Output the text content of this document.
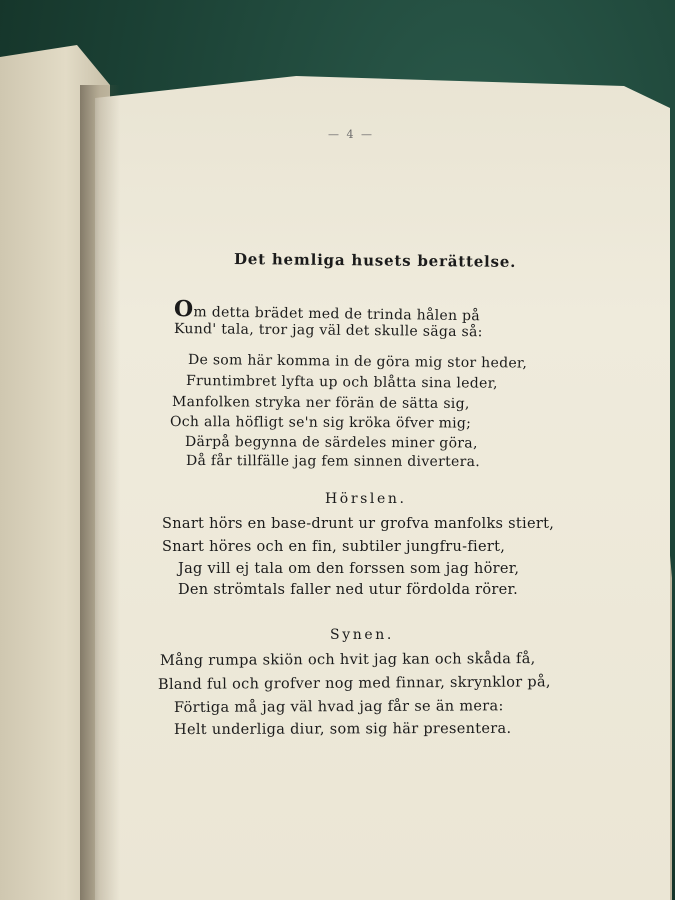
— 4 —
Det hemliga husets berättelse.
Om detta brädet med de trinda hålen på
Kund' tala, tror jag väl det skulle säga så:
De som här komma in de göra mig stor heder,
Fruntimbret lyfta up och blåtta sina leder,
Manfolken stryka ner förän de sätta sig,
Och alla höfligt se'n sig kröka öfver mig;
Därpå begynna de särdeles miner göra,
Då får tillfälle jag fem sinnen divertera.
Hörslen.
Snart hörs en base-drunt ur grofva manfolks stiert,
Snart höres och en fin, subtiler jungfru-fiert,
Jag vill ej tala om den forssen som jag hörer,
Den strömtals faller ned utur fördolda rörer.
Synen.
Mång rumpa skiön och hvit jag kan och skåda få,
Bland ful och grofver nog med finnar, skrynklor på,
Förtiga må jag väl hvad jag får se än mera:
Helt underliga diur, som sig här presentera.
